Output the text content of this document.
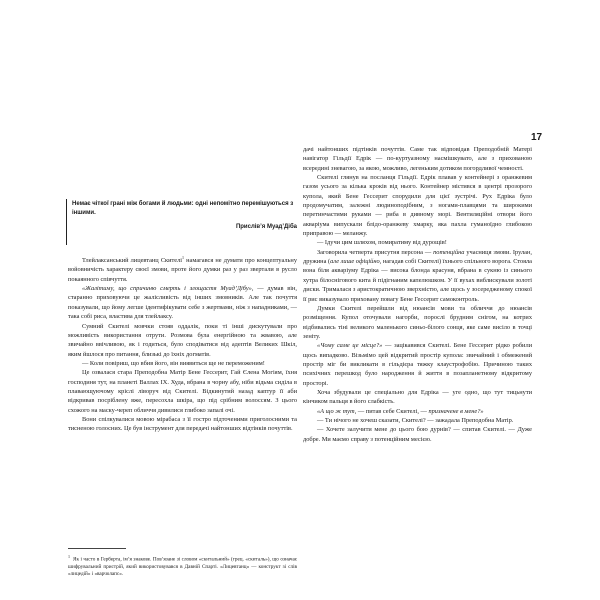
17
Немає чіткої грані між богами й людьми: одні непомітно перемішуються з іншими.
Прислів’я Муад’Діба

Тлейлаксанський лицевтанц Скителі$^1$ намагався не думати про концептуальну войовничість характеру своєї змови, проте його думки раз у раз звертали в русло покаянного співчуття.

«Жалітиму, що спричиню смерть і злощастя Муад’Дібу», — думав він, старанно приховуючи це жалісливість від інших змовників. Але так почуття показували, що йому легше ідентифікувати себе з жертвами, ніж з нападниками, — така собі риса, властива для тлейлаксу.

Сумний Скителі мовчки стояв оддалік, поки ті інші дискутували про можливість використання отрути. Розмова була енергійною та жвавою, але звичайно ввічливою, як і годиться, було сподіватися від адептів Великих Шкіл, яким йшлося про питання, близькі до їхніх догматів.

— Коли повіриш, що вбив його, він виявиться ще не переможеним!

Це озвалася стара Преподобна Матір Бене Гессерит, Гай Єлена Могіям, їхня господиня тут, на планеті Валлах IX. Худа, вбрана в чорну абу, ніби відьма сиділа в плавающуючому кріслі ліворуч від Скителі. Відкинутий назад каптур її аби відкривав посріблену вже, пересохла шкіра, що під срібним волоссям. З цього схожого на маску-череп обличчя дивилися глибоко запалі очі.

Вони спілкувалися мовою мірабаса з її гостро підточеними приголосними та тисненою голосних. Це був інструмент для передачі найтонших відтінків почуттів.

дачі найтонших підтінків почуттів. Саме так відповідав Преподобній Матері навігатор Гільдії Едрік — по-куртуазному насмішкувато, але з прихованою всередині зневагою, за якою, можливо, легеньким дотиком погордливої чемності.

Скителі глянув на посланця Гільдії. Едрік плавав у контейнері з оранжевим газом усього за кілька кроків від нього. Контейнер містився в центрі прозорого купола, який Бене Гессерит спорудили для цієї зустрічі. Рух Едріка було продомучатим, залежні людиноподібним, з ногами-плавцями та широкими перетинчастими руками — риба в дивному морі. Вентиляційні отвори його акваріума випускали блідо-оранжеву хмарку, яка пахла гуманоїдно глибокою приправою — меланжу.

— Ідучи цим шляхом, помиратиму від дурощів!

Заговорила четверта присутня персона — потенційна учасниця змови. Ірулан, дружина (але лише офіційно, нагадав собі Скителі) їхнього спільного ворога. Стояла вона біля акваріуму Едріка — висока блонда красуня, вбрана в сукню із синього хутра білоснігового кита й підігнаним капелюшком. У її вухах виблискували золоті диски. Трималася з аристократичною зверхністю, але щось у зосередженому спокої її рис виказувало приховану повагу Бене Гессерит самоконтроль.

Думки Скителі перейшли від нюансів мови та обличчя до нюансів розміщення. Купол оточували нагорби, порослі брудним снігом, на котрих відбивались тіні великого маленького синьо-білого сонця, яке саме висіло в точці зеніту.

«Чому саме це місце?» — зацікавився Скителі. Бене Гессерит рідко робили щось випадково. Візьмімо цей відкритий простір купола: звичайний і обмежений простір міг би викликати в гільдієра тяжку клаустрофобію. Причиною таких психічних перешкод було народження й життя в позапланетному відкритому просторі.

Хоча збудували це спеціально для Едріка — уге одно, що тут тицьнути кінчиком пальця в його слабкість.

«А що ж тут, — питав себе Скителі, — призначене в мене?»

— Ти нічого не хочеш сказати, Скителі? — зажадала Преподобна Матір.

— Хочете залучити мене до цього бою дурнів? — спитав Скителі. — Дуже добре. Ми маємо справу з потенційним месією.

$^1$Як і часто в Герберта, ім’я знакове. Пов’язане зі словом «скитальний» (грец. «скиталь»), що означає шифрувальний пристрій, який використовувався в Давній Спарті. «Лицевтанц» — конструкт зі слів «лицедій» і «варчолапс».
